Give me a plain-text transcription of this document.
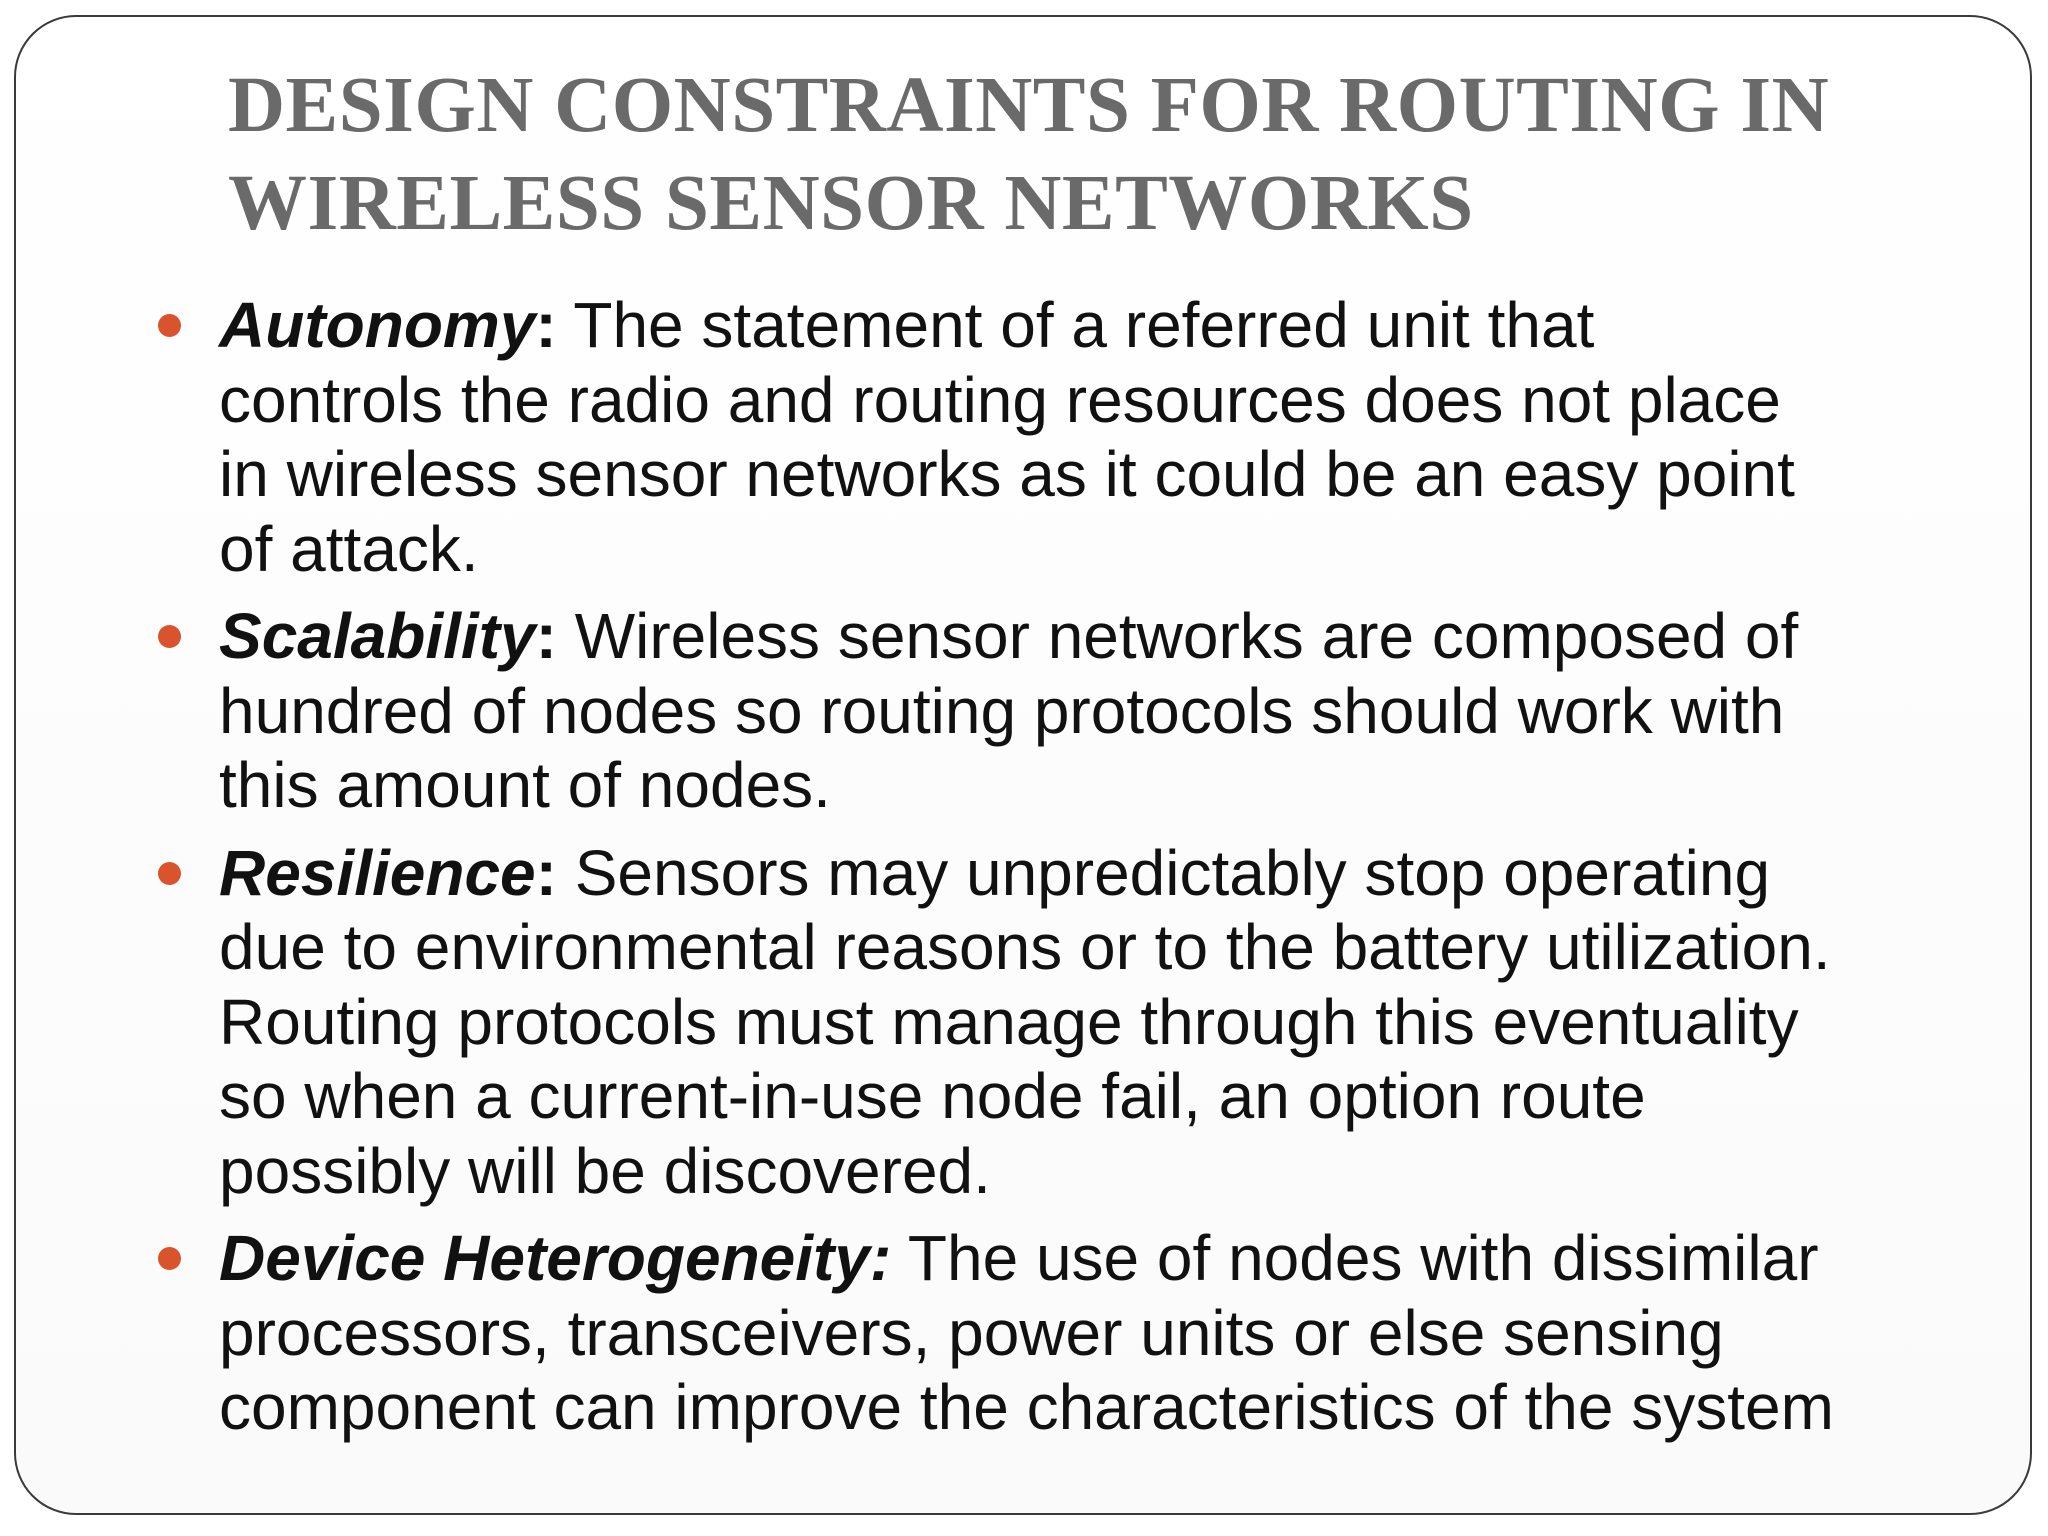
DESIGN CONSTRAINTS FOR ROUTING IN
WIRELESS SENSOR NETWORKS
Autonomy: The statement of a referred unit that
controls the radio and routing resources does not place
in wireless sensor networks as it could be an easy point
of attack.
Scalability: Wireless sensor networks are composed of
hundred of nodes so routing protocols should work with
this amount of nodes.
Resilience: Sensors may unpredictably stop operating
due to environmental reasons or to the battery utilization.
Routing protocols must manage through this eventuality
so when a current-in-use node fail, an option route
possibly will be discovered.
Device Heterogeneity: The use of nodes with dissimilar
processors, transceivers, power units or else sensing
component can improve the characteristics of the system
